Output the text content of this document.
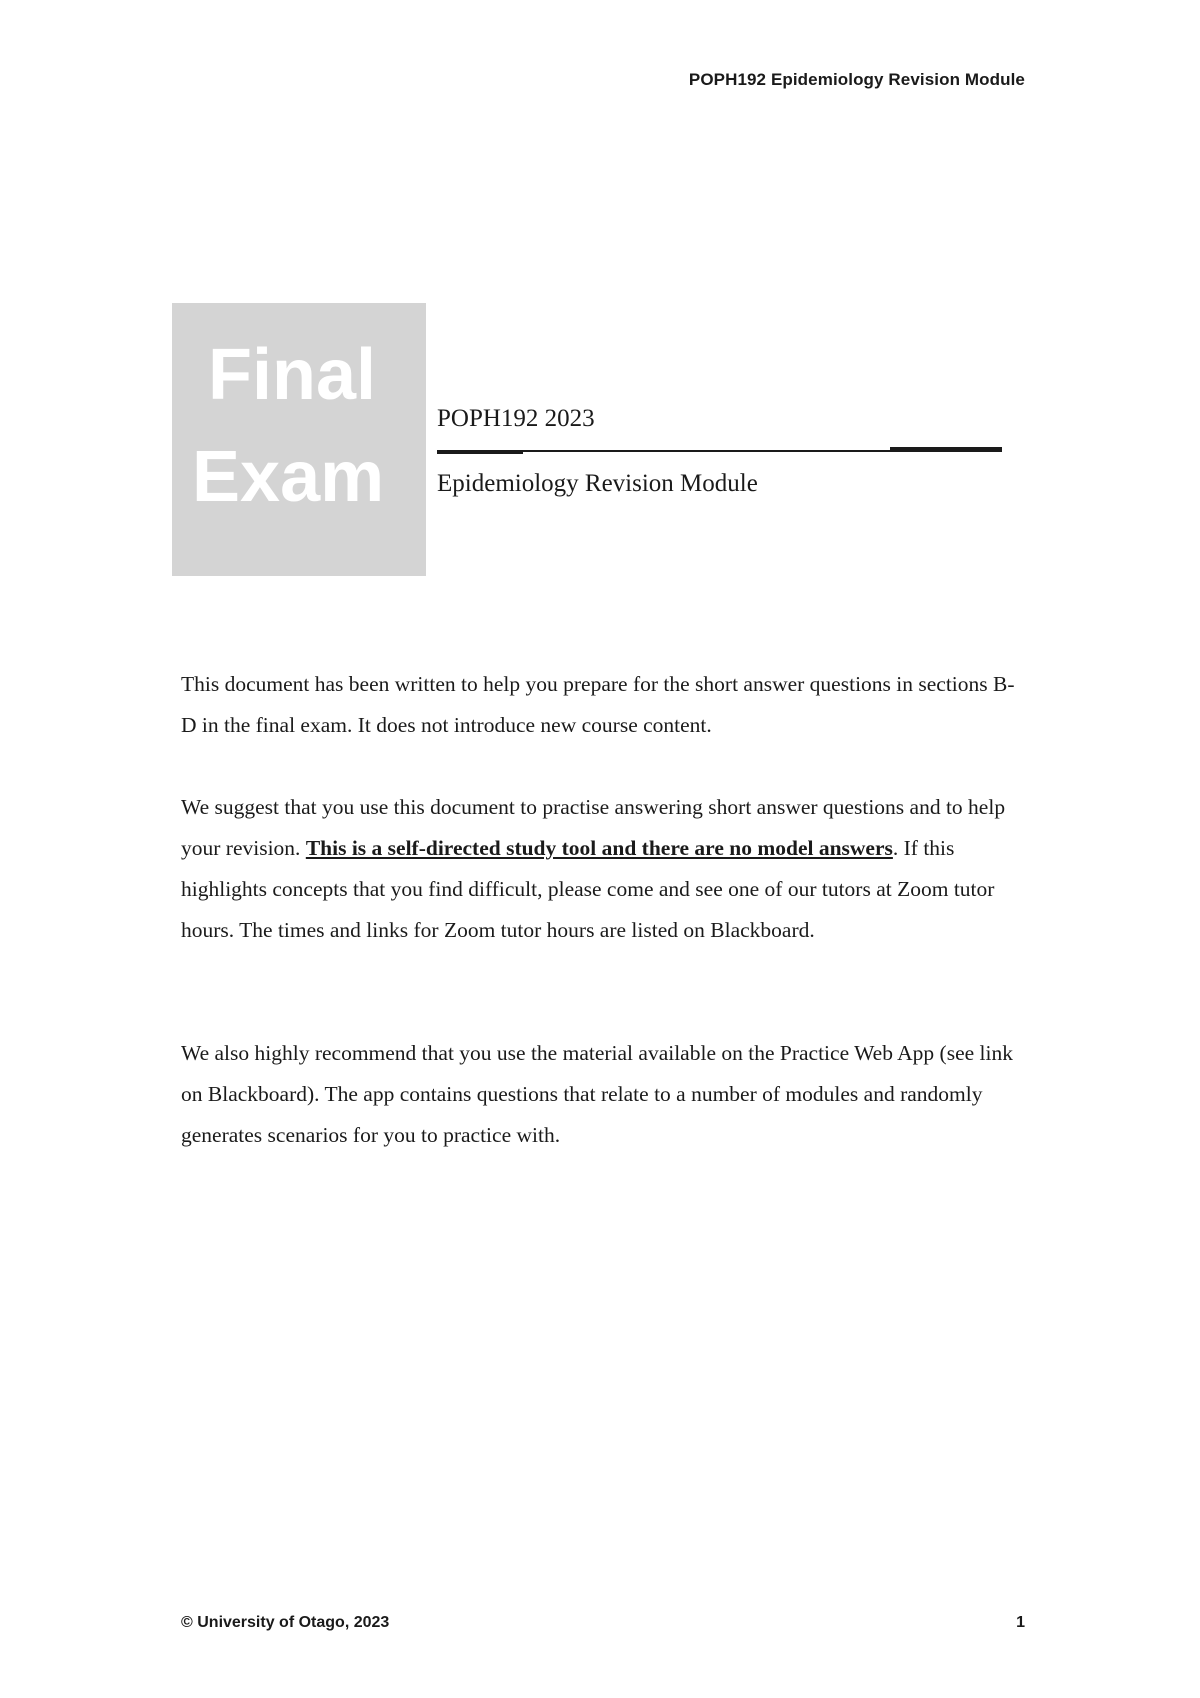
POPH192 Epidemiology Revision Module
Final
Exam
POPH192 2023
Epidemiology Revision Module

This document has been written to help you prepare for the short answer questions in sections B-D in the final exam. It does not introduce new course content.

We suggest that you use this document to practise answering short answer questions and to help your revision. This is a self-directed study tool and there are no model answers. If this highlights concepts that you find difficult, please come and see one of our tutors at Zoom tutor hours. The times and links for Zoom tutor hours are listed on Blackboard.

We also highly recommend that you use the material available on the Practice Web App (see link on Blackboard). The app contains questions that relate to a number of modules and randomly generates scenarios for you to practice with.

© University of Otago, 2023	1
